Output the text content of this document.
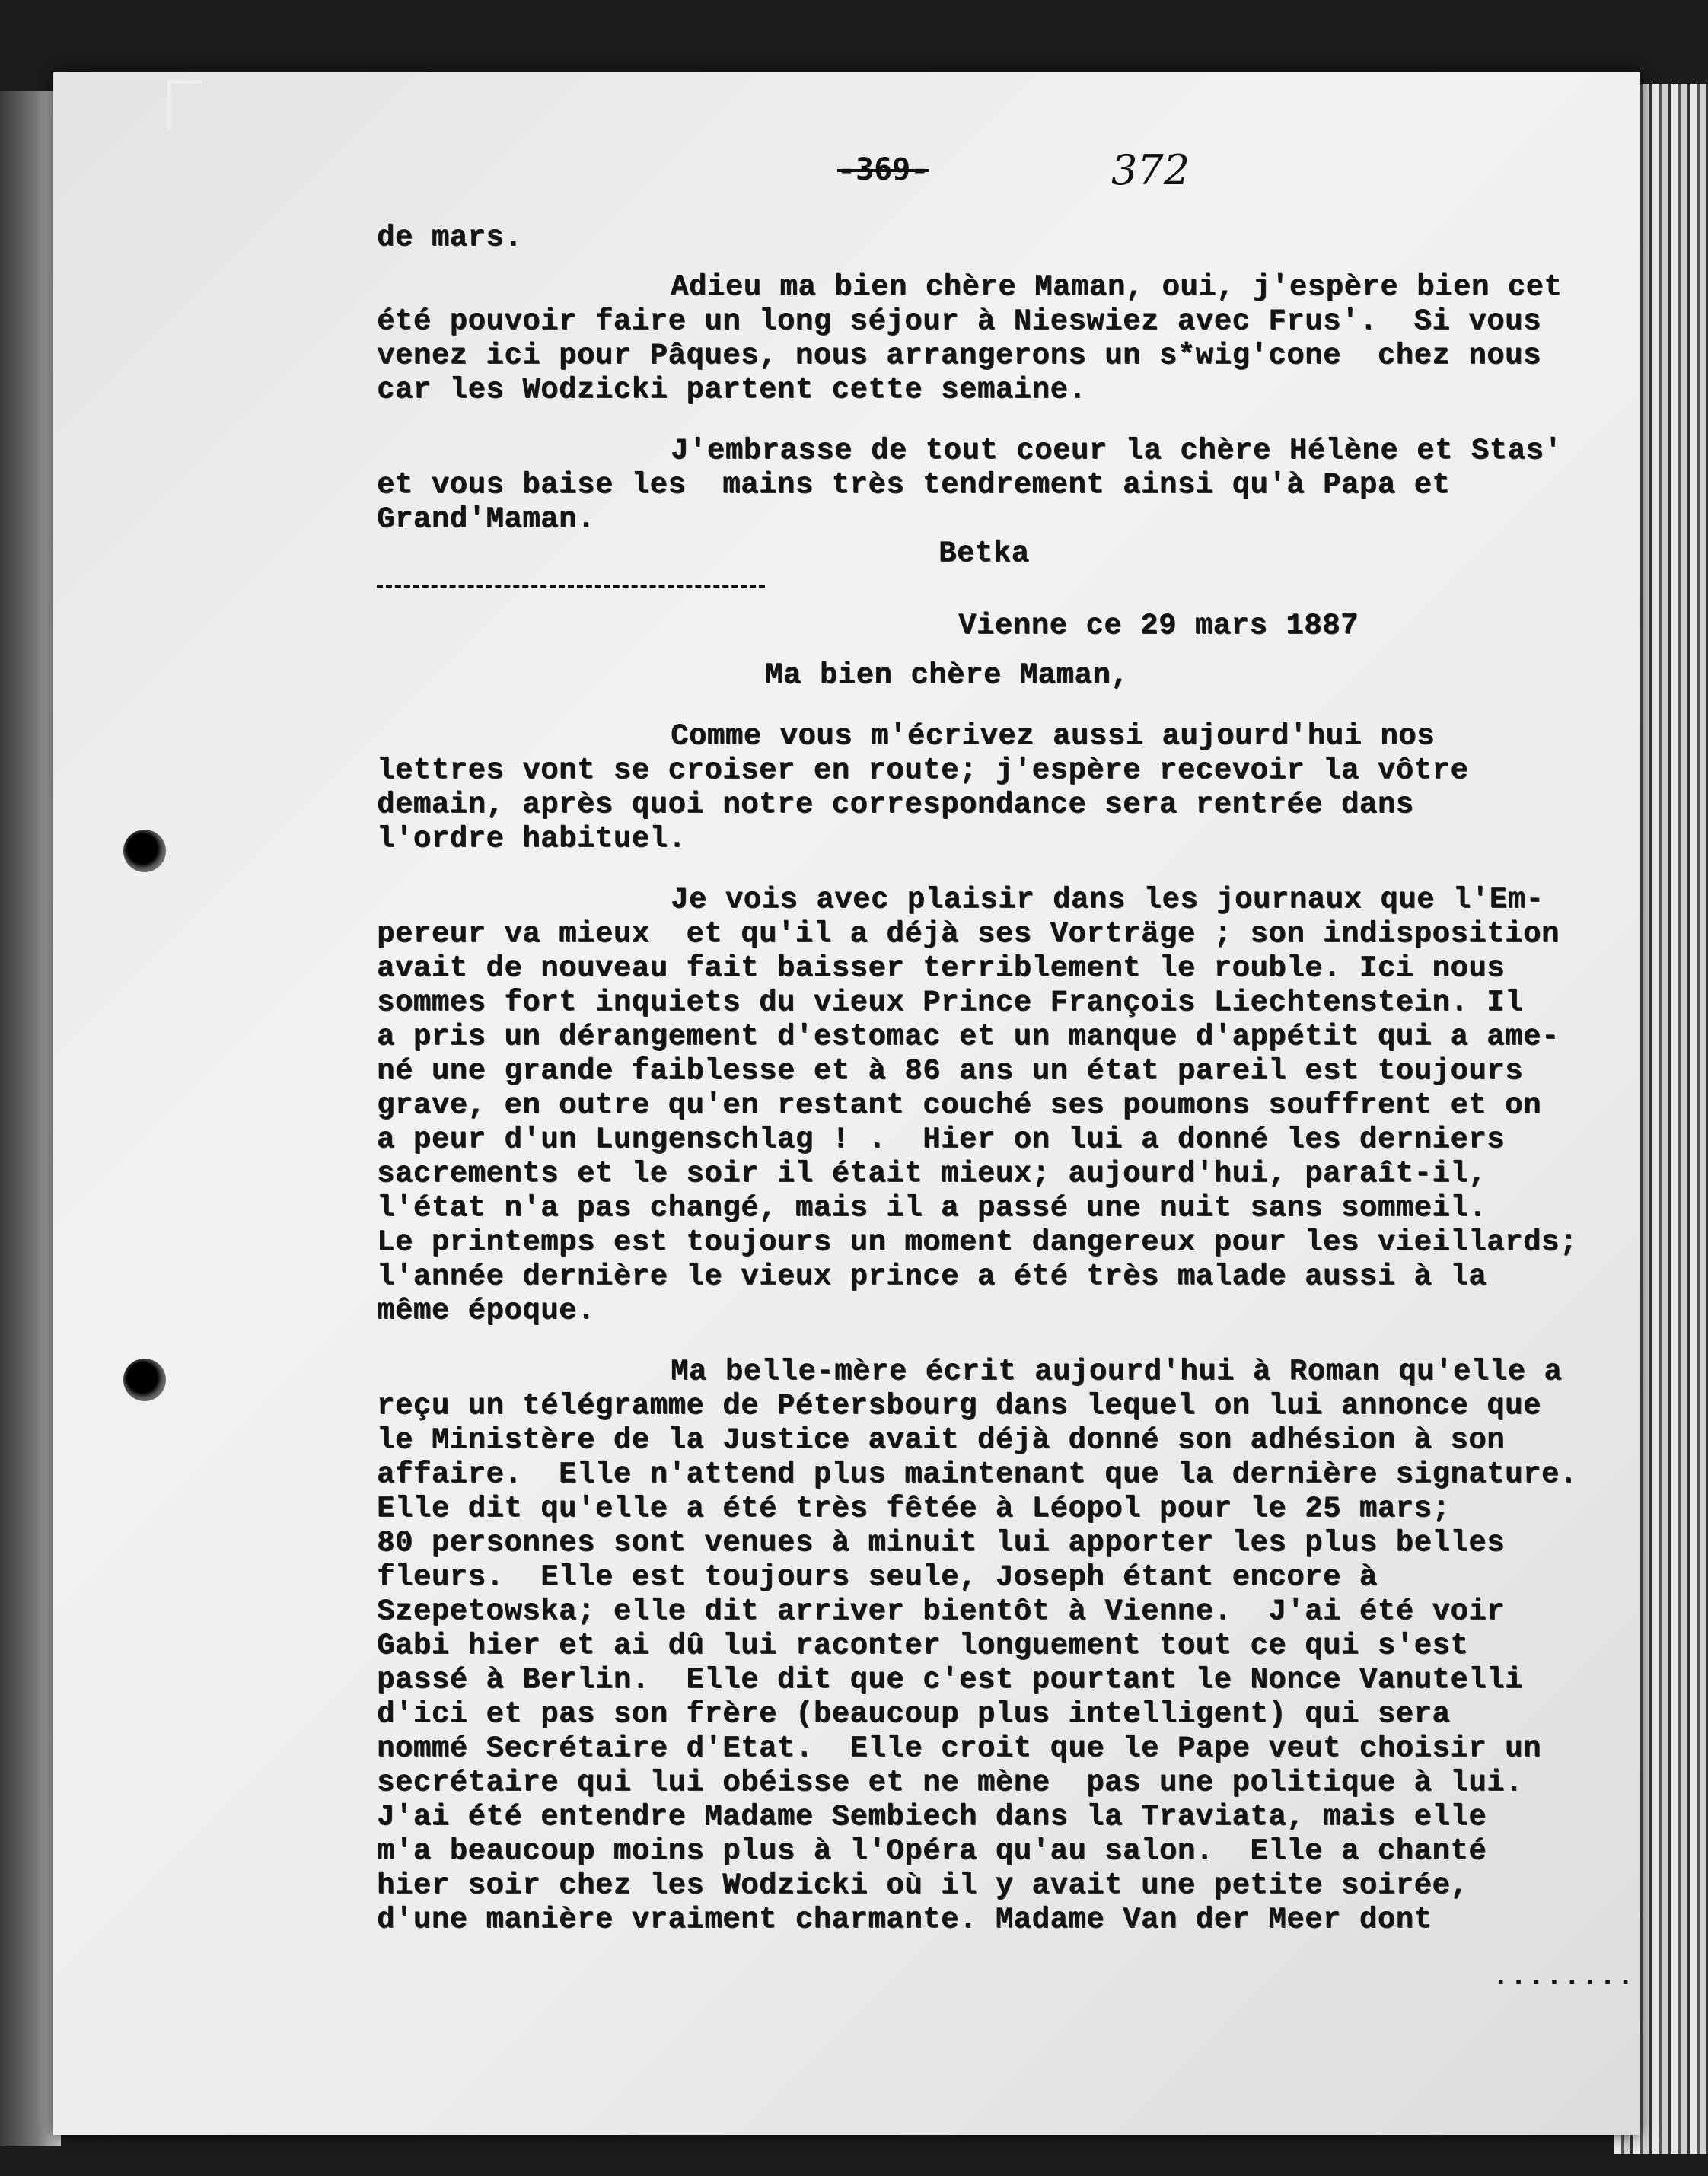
-369-	372
de mars.
Adieu ma bien chère Maman, oui, j'espère bien cet
été pouvoir faire un long séjour à Nieswiez avec Frus'.  Si vous
venez ici pour Pâques, nous arrangerons un s*wig'cone  chez nous
car les Wodzicki partent cette semaine.
J'embrasse de tout coeur la chère Hélène et Stas'
et vous baise les  mains très tendrement ainsi qu'à Papa et
Grand'Maman.
Betka
Vienne ce 29 mars 1887
Ma bien chère Maman,
Comme vous m'écrivez aussi aujourd'hui nos
lettres vont se croiser en route; j'espère recevoir la vôtre
demain, après quoi notre correspondance sera rentrée dans
l'ordre habituel.
Je vois avec plaisir dans les journaux que l'Em-
pereur va mieux  et qu'il a déjà ses Vorträge ; son indisposition
avait de nouveau fait baisser terriblement le rouble. Ici nous
sommes fort inquiets du vieux Prince François Liechtenstein. Il
a pris un dérangement d'estomac et un manque d'appétit qui a ame-
né une grande faiblesse et à 86 ans un état pareil est toujours
grave, en outre qu'en restant couché ses poumons souffrent et on
a peur d'un Lungenschlag ! .  Hier on lui a donné les derniers
sacrements et le soir il était mieux; aujourd'hui, paraît-il,
l'état n'a pas changé, mais il a passé une nuit sans sommeil.
Le printemps est toujours un moment dangereux pour les vieillards;
l'année dernière le vieux prince a été très malade aussi à la
même époque.
Ma belle-mère écrit aujourd'hui à Roman qu'elle a
reçu un télégramme de Pétersbourg dans lequel on lui annonce que
le Ministère de la Justice avait déjà donné son adhésion à son
affaire.  Elle n'attend plus maintenant que la dernière signature.
Elle dit qu'elle a été très fêtée à Léopol pour le 25 mars;
80 personnes sont venues à minuit lui apporter les plus belles
fleurs.  Elle est toujours seule, Joseph étant encore à
Szepetowska; elle dit arriver bientôt à Vienne.  J'ai été voir
Gabi hier et ai dû lui raconter longuement tout ce qui s'est
passé à Berlin.  Elle dit que c'est pourtant le Nonce Vanutelli
d'ici et pas son frère (beaucoup plus intelligent) qui sera
nommé Secrétaire d'Etat.  Elle croit que le Pape veut choisir un
secrétaire qui lui obéisse et ne mène  pas une politique à lui.
J'ai été entendre Madame Sembiech dans la Traviata, mais elle
m'a beaucoup moins plus à l'Opéra qu'au salon.  Elle a chanté
hier soir chez les Wodzicki où il y avait une petite soirée,
d'une manière vraiment charmante. Madame Van der Meer dont
........
